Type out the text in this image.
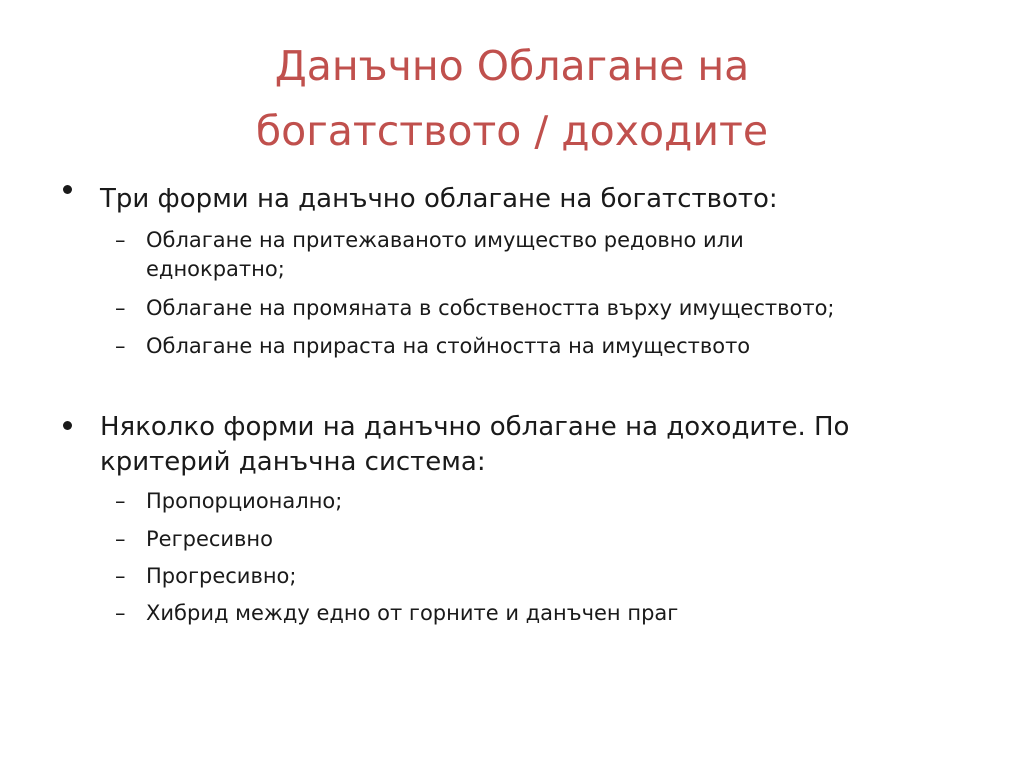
Данъчно Облагане на
богатството / доходите
Три форми на данъчно облагане на богатството:
– Облагане на притежаваното имущество редовно или
еднократно;
– Облагане на промяната в собствеността върху имуществото;
– Облагане на прираста на стойността на имуществото
Няколко форми на данъчно облагане на доходите. По
критерий данъчна система:
– Пропорционално;
– Регресивно
– Прогресивно;
– Хибрид между едно от горните и данъчен праг
